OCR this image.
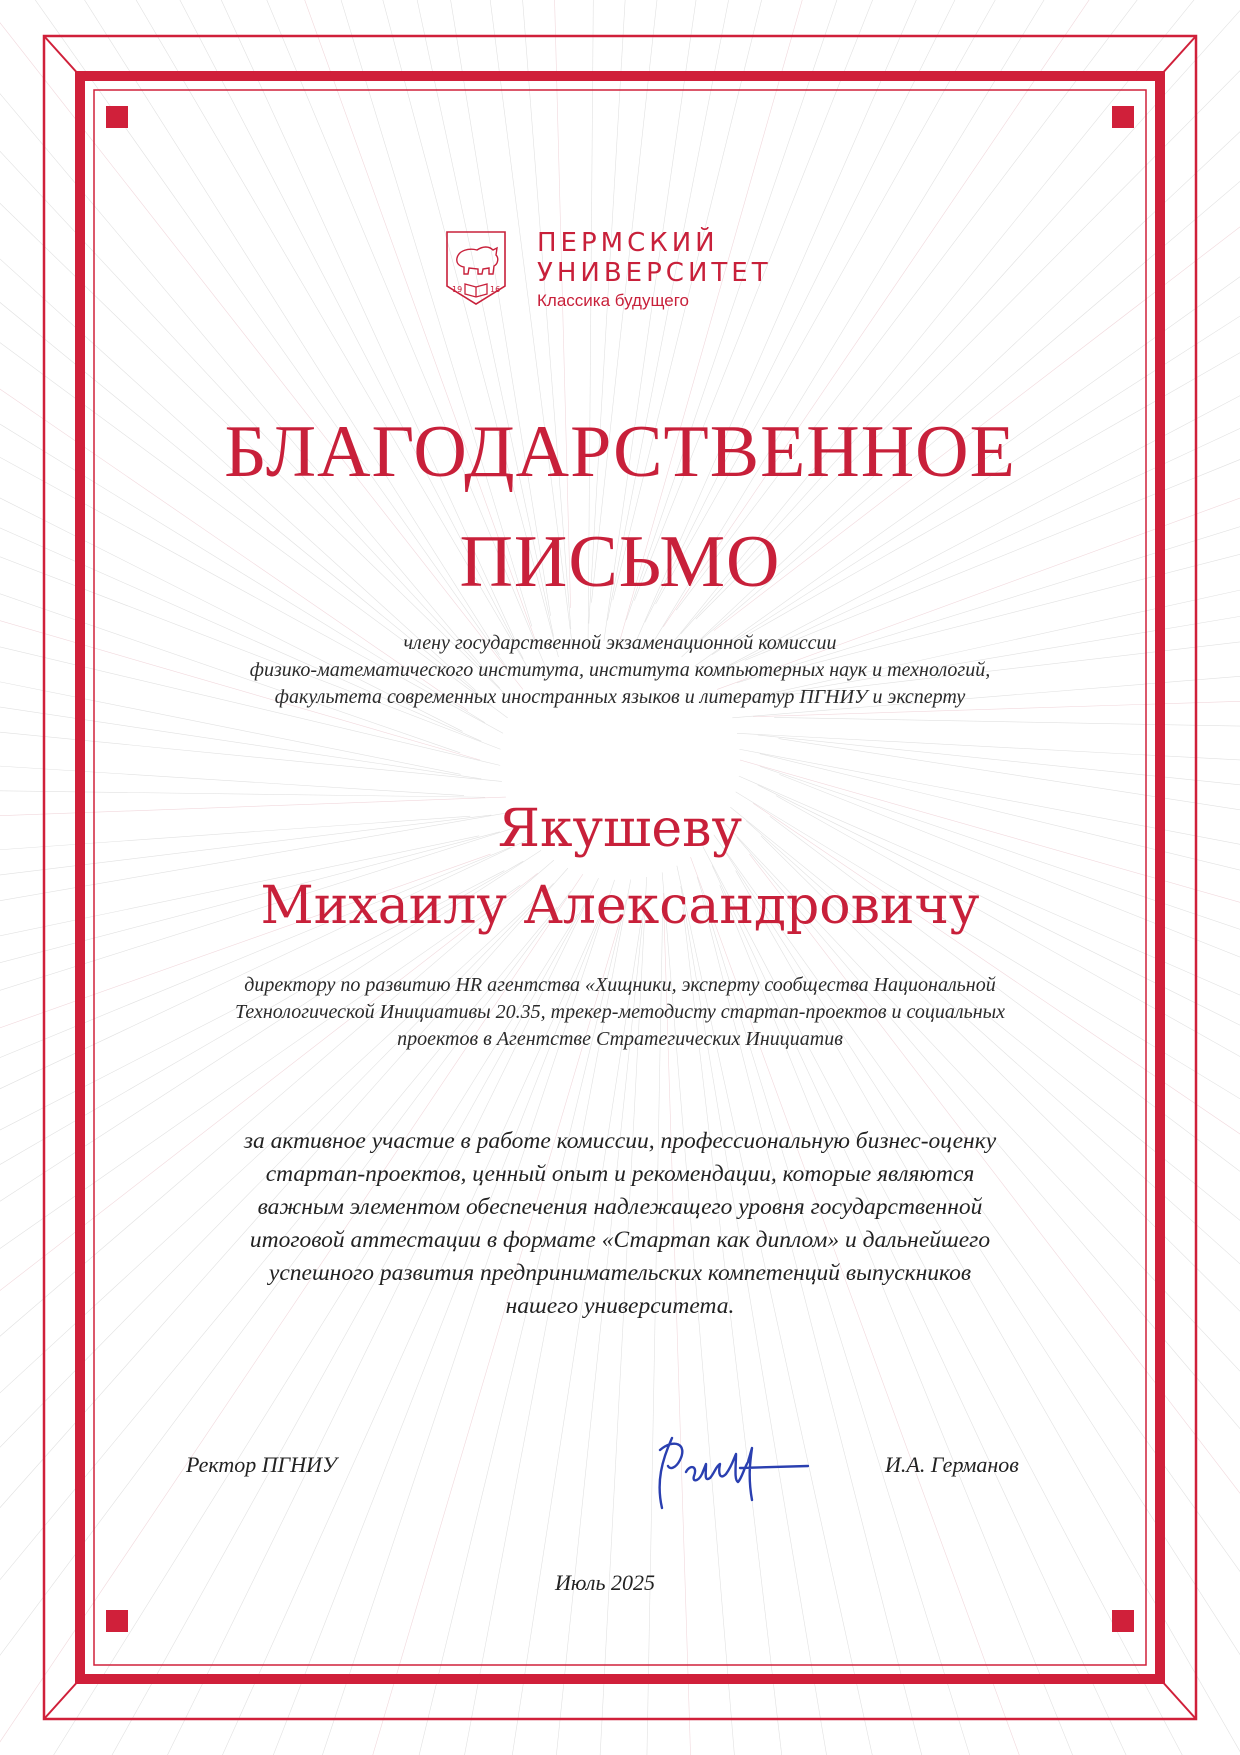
19	16
ПЕРМСКИЙ
УНИВЕРСИТЕТ
Классика будущего
БЛАГОДАРСТВЕННОЕ
ПИСЬМО
члену государственной экзаменационной комиссии
физико-математического института, института компьютерных наук и технологий,
факультета современных иностранных языков и литератур ПГНИУ и эксперту
Якушеву
Михаилу Александровичу
директору по развитию HR агентства «Хищники, эксперту сообщества Национальной
Технологической Инициативы 20.35, трекер-методисту стартап-проектов и социальных
проектов в Агентстве Стратегических Инициатив
за активное участие в работе комиссии, профессиональную бизнес-оценку
стартап-проектов, ценный опыт и рекомендации, которые являются
важным элементом обеспечения надлежащего уровня государственной
итоговой аттестации в формате «Стартап как диплом» и дальнейшего
успешного развития предпринимательских компетенций выпускников
нашего университета.
Ректор ПГНИУ	И.А. Германов
Июль 2025
